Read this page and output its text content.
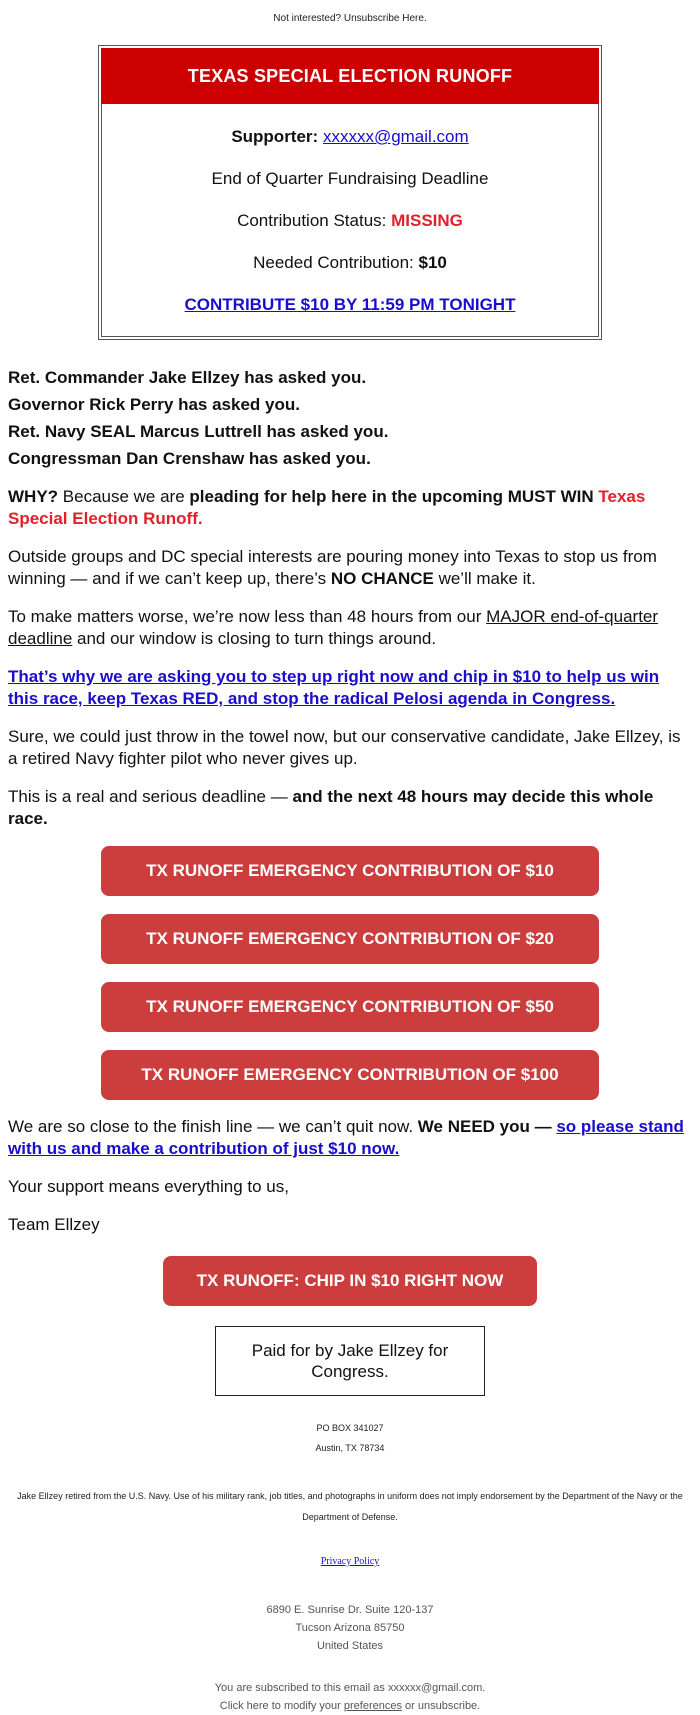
Not interested? Unsubscribe Here.
TEXAS SPECIAL ELECTION RUNOFF

Supporter: xxxxxx@gmail.com

End of Quarter Fundraising Deadline

Contribution Status: MISSING

Needed Contribution: $10

CONTRIBUTE $10 BY 11:59 PM TONIGHT

Ret. Commander Jake Ellzey has asked you.
Governor Rick Perry has asked you.
Ret. Navy SEAL Marcus Luttrell has asked you.
Congressman Dan Crenshaw has asked you.

WHY? Because we are pleading for help here in the upcoming MUST WIN Texas Special Election Runoff.

Outside groups and DC special interests are pouring money into Texas to stop us from winning — and if we can’t keep up, there’s NO CHANCE we’ll make it.

To make matters worse, we’re now less than 48 hours from our MAJOR end-of-quarter deadline and our window is closing to turn things around.

That’s why we are asking you to step up right now and chip in $10 to help us win this race, keep Texas RED, and stop the radical Pelosi agenda in Congress.

Sure, we could just throw in the towel now, but our conservative candidate, Jake Ellzey, is a retired Navy fighter pilot who never gives up.

This is a real and serious deadline — and the next 48 hours may decide this whole race.

TX RUNOFF EMERGENCY CONTRIBUTION OF $10
TX RUNOFF EMERGENCY CONTRIBUTION OF $20
TX RUNOFF EMERGENCY CONTRIBUTION OF $50
TX RUNOFF EMERGENCY CONTRIBUTION OF $100

We are so close to the finish line — we can’t quit now. We NEED you — so please stand with us and make a contribution of just $10 now.

Your support means everything to us,

Team Ellzey

TX RUNOFF: CHIP IN $10 RIGHT NOW
Paid for by Jake Ellzey for Congress.
PO BOX 341027
Austin, TX 78734
Jake Ellzey retired from the U.S. Navy. Use of his military rank, job titles, and photographs in uniform does not imply endorsement by the Department of the Navy or the Department of Defense.
Privacy Policy
6890 E. Sunrise Dr. Suite 120-137
Tucson Arizona 85750
United States
You are subscribed to this email as xxxxxx@gmail.com.
Click here to modify your preferences or unsubscribe.
